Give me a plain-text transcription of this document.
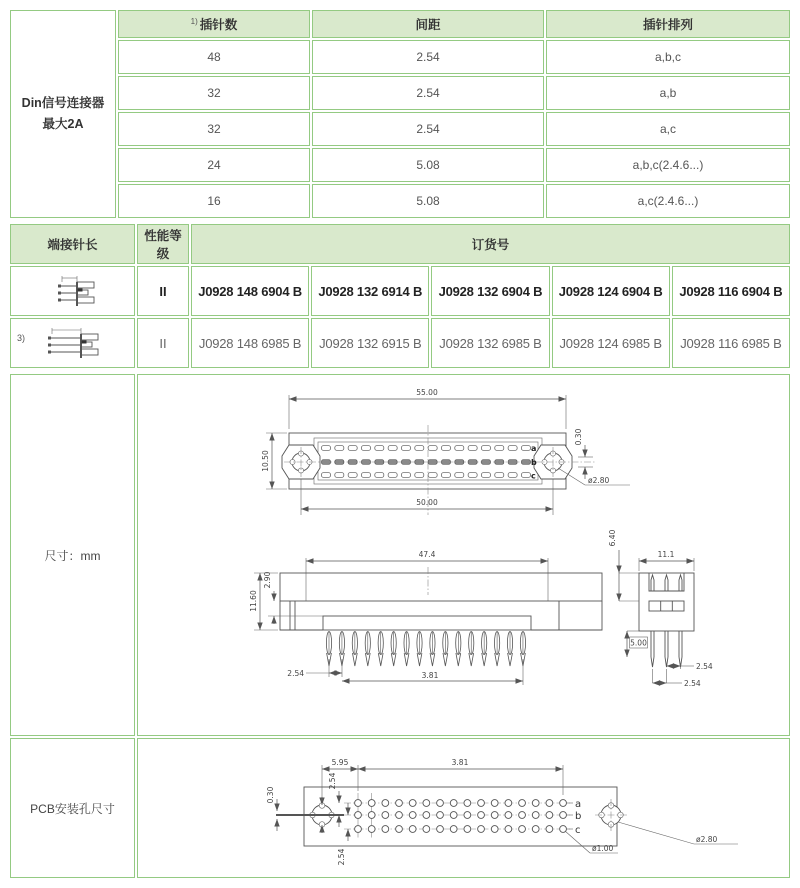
Din信号连接器
最大2A	$^{1)}$ 插针数	间距	插针排列
	48	2.54	a,b,c
	32	2.54	a,b
	32	2.54	a,c
	24	5.08	a,b,c(2.4.6...)
	16	5.08	a,c(2.4.6...)
端接针长	性能等级	订货号				

	II	J0928 148 6904 B	J0928 132 6914 B	J0928 132 6904 B	J0928 124 6904 B	J0928 116 6904 B

3)	II	J0928 148 6985 B	J0928 132 6915 B	J0928 132 6985 B	J0928 124 6985 B	J0928 116 6985 B
尺寸：mm	
55.00
a
b
c
10.50
50.00
0.30
ø2.80
47.4
11.60
2.90
2.54	3.81
6.40
11.1
5.00
2.54
2.54

PCB安装孔尺寸	a
b
c
5.95	3.81
0.30
2.54
2.54
ø1.00
ø2.80
